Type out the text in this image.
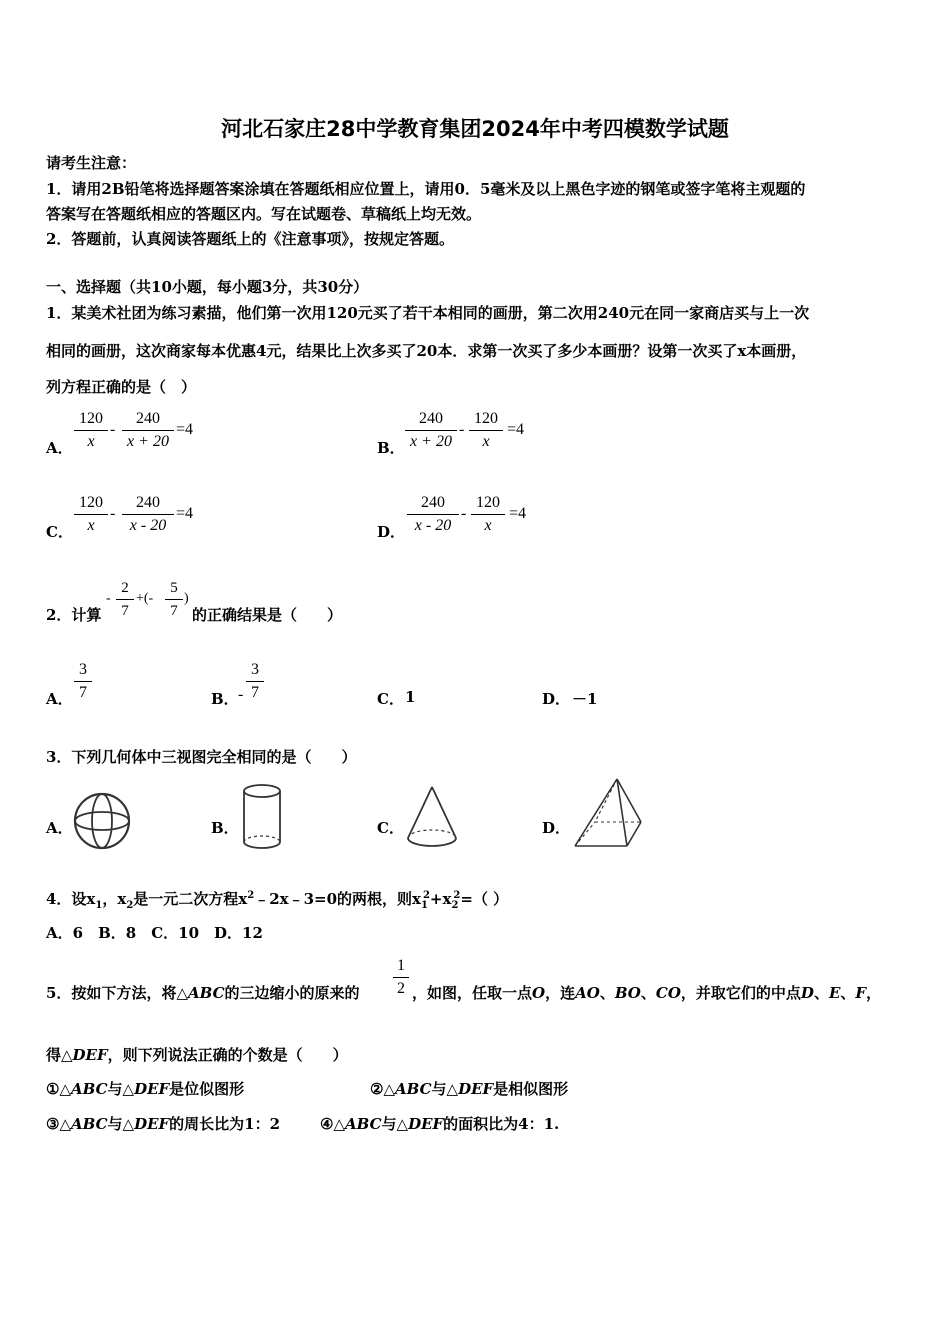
河北石家庄28中学教育集团2024年中考四模数学试题
请考生注意：
1．请用2B铅笔将选择题答案涂填在答题纸相应位置上，请用0．5毫米及以上黑色字迹的钢笔或签字笔将主观题的
答案写在答题纸相应的答题区内。写在试题卷、草稿纸上均无效。
2．答题前，认真阅读答题纸上的《注意事项》，按规定答题。
一、选择题（共10小题，每小题3分，共30分）
1．某美术社团为练习素描，他们第一次用120元买了若干本相同的画册，第二次用240元在同一家商店买与上一次
相同的画册，这次商家每本优惠4元，结果比上次多买了20本．求第一次买了多少本画册？设第一次买了x本画册，
列方程正确的是（　）
A． $\frac{120}{x} - \frac{240}{x + 20} =4$
B． $\frac{240}{x + 20} - \frac{120}{x} =4$
C． $\frac{120}{x} - \frac{240}{x - 20} =4$
D． $\frac{240}{x - 20} - \frac{120}{x} =4$
2．计算
- $\frac{2}{7}$ +(- $\frac{5}{7}$ )
的正确结果是（　　）
A． $\frac{3}{7}$	B． - $\frac{3}{7}$	C． 1	D． －1
3．下列几何体中三视图完全相同的是（　　）
A．	B．	C．	D．
4．设$x_1$，$x_2$是一元二次方程$x^2﹣2x﹣3=0$的两根，则$x_1^2+x_2^2=$（ ）
A．6　B．8　C．10　D．12
5．按如下方法，将△ABC的三边缩小的原来的 $\frac{1}{2}$ ，如图，任取一点O，连AO、BO、CO，并取它们的中点D、E、F，
得△DEF，则下列说法正确的个数是（　　）
①△ABC与△DEF是位似图形	②△ABC与△DEF是相似图形
③△ABC与△DEF的周长比为1：2	④△ABC与△DEF的面积比为4：1.
